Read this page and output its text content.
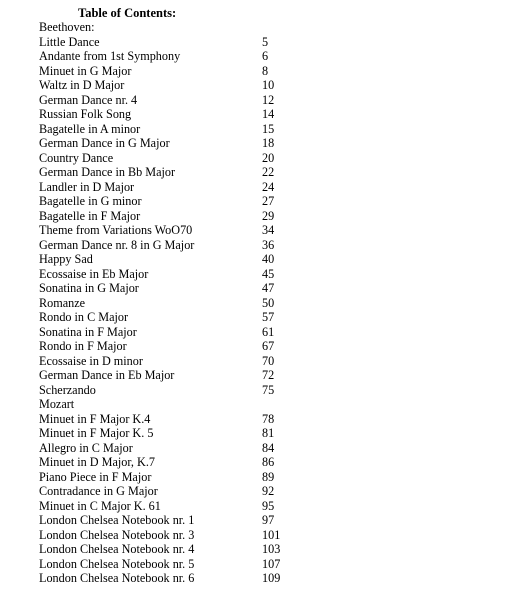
Table of Contents:
Beethoven:
Little Dance	5
Andante from 1st Symphony	6
Minuet in G Major	8
Waltz in D Major	10
German Dance nr. 4	12
Russian Folk Song	14
Bagatelle in A minor	15
German Dance in G Major	18
Country Dance	20
German Dance in Bb Major	22
Landler in D Major	24
Bagatelle in G minor	27
Bagatelle in F Major	29
Theme from Variations WoO70	34
German Dance nr. 8 in G Major	36
Happy Sad	40
Ecossaise in Eb Major	45
Sonatina in G Major	47
Romanze	50
Rondo in C Major	57
Sonatina in F Major	61
Rondo in F Major	67
Ecossaise in D minor	70
German Dance in Eb Major	72
Scherzando	75
Mozart
Minuet in F Major K.4	78
Minuet in F Major K. 5	81
Allegro in C Major	84
Minuet in D Major, K.7	86
Piano Piece in F Major	89
Contradance in G Major	92
Minuet in C Major K. 61	95
London Chelsea Notebook nr. 1	97
London Chelsea Notebook nr. 3	101
London Chelsea Notebook nr. 4	103
London Chelsea Notebook nr. 5	107
London Chelsea Notebook nr. 6	109
